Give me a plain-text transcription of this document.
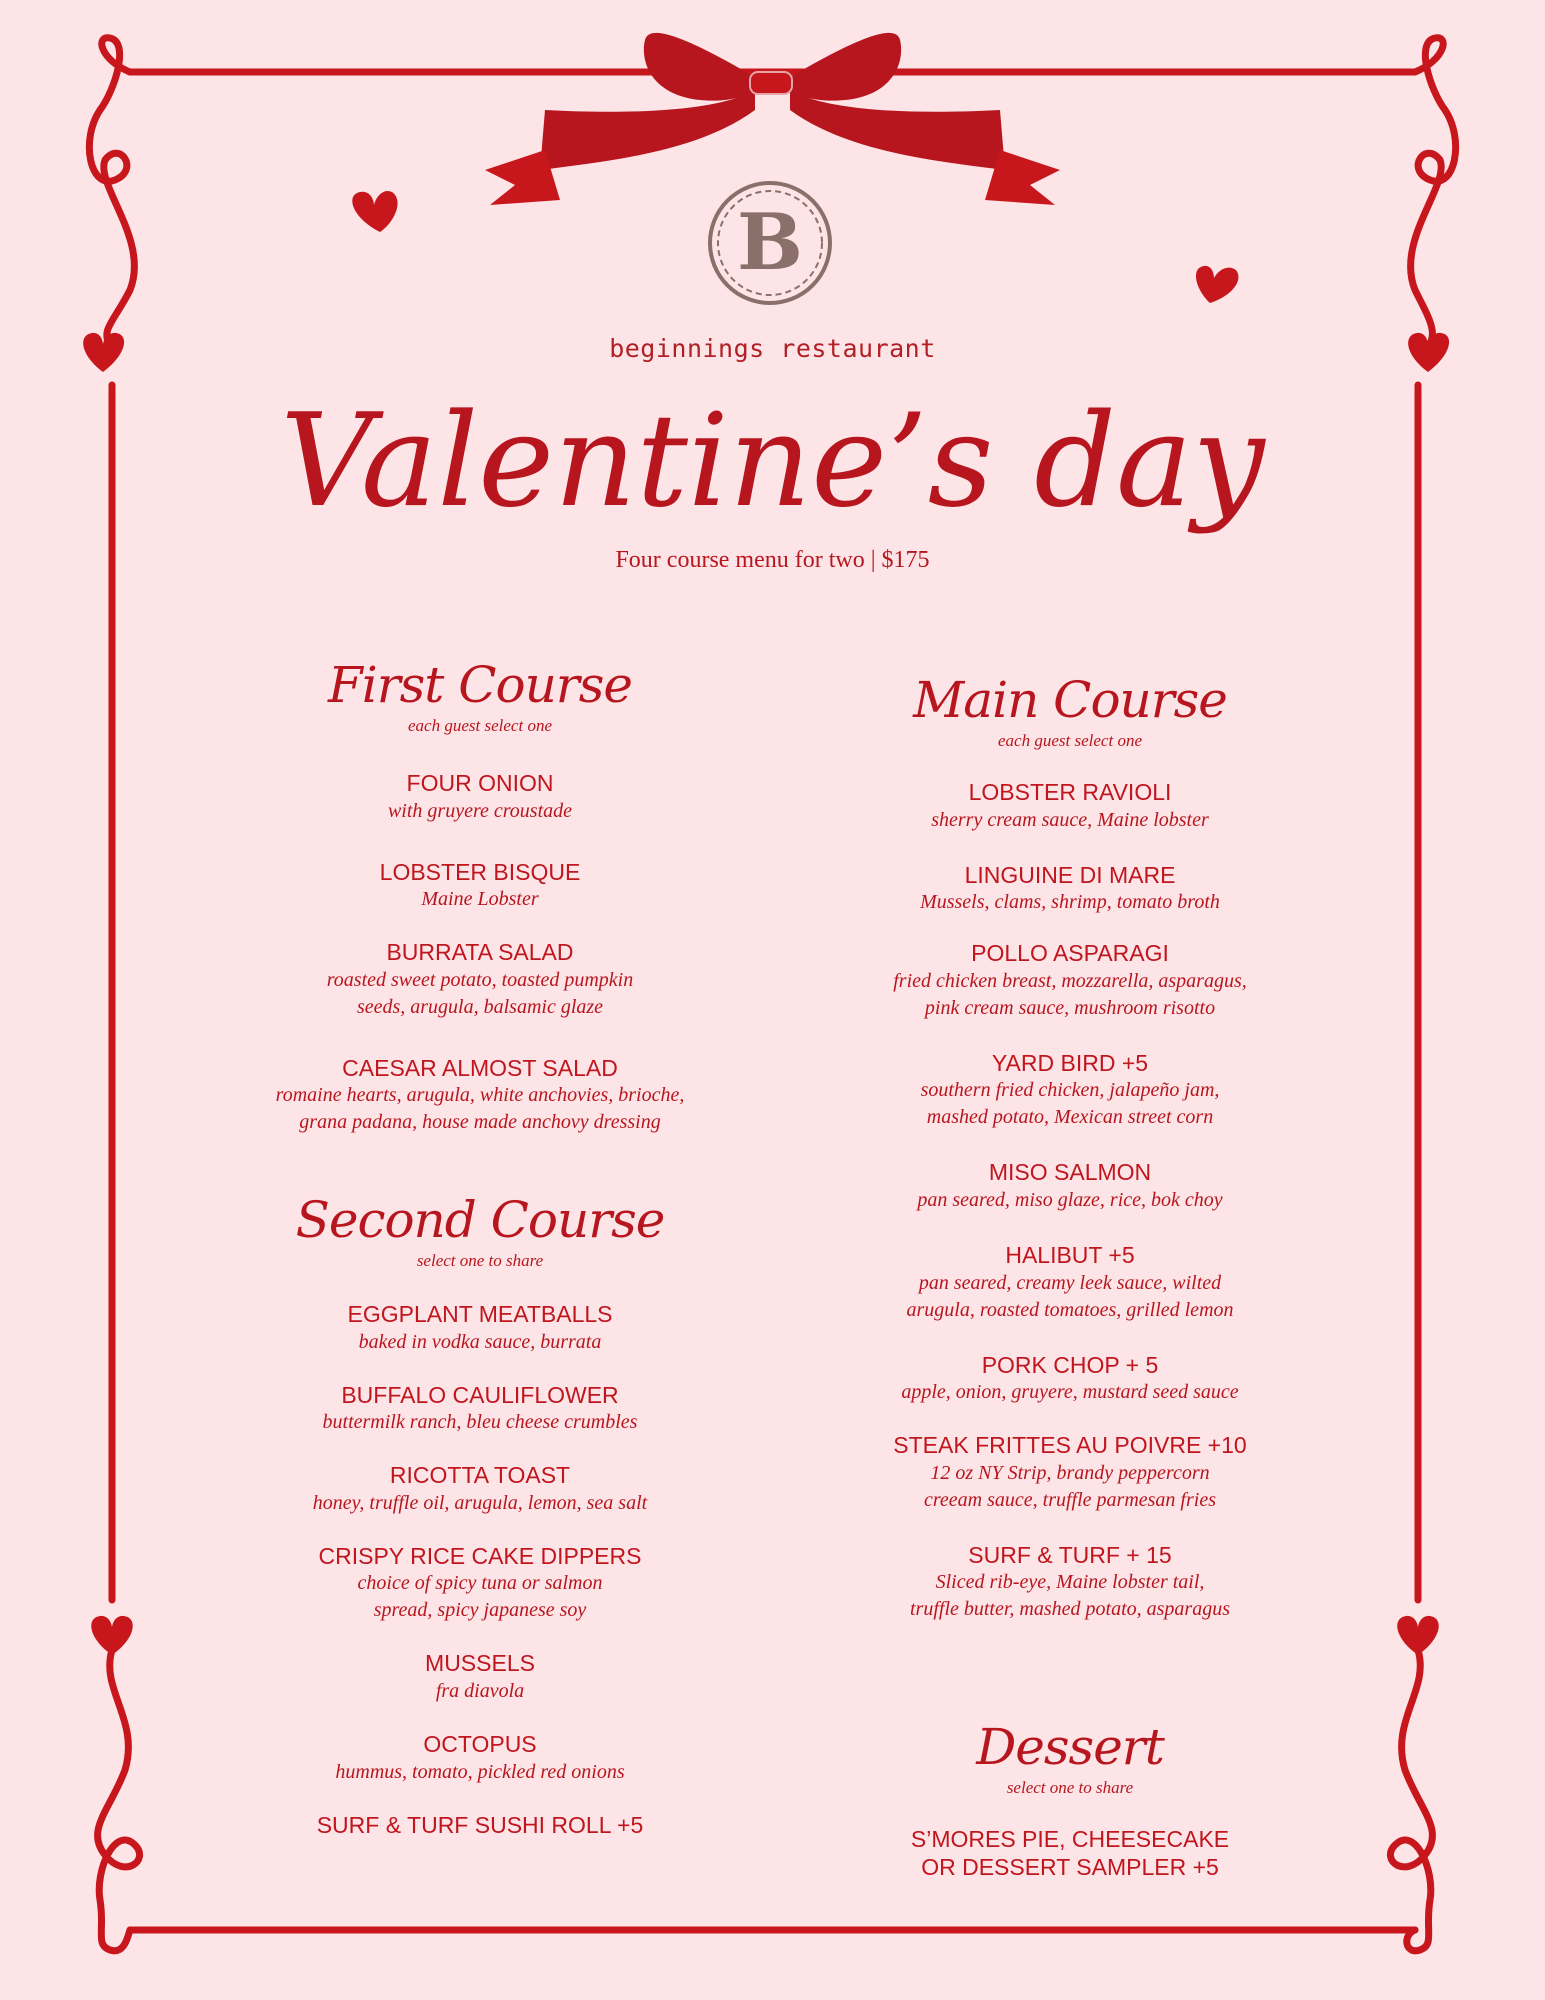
B
beginnings restaurant
Valentine’s day
Four course menu for two | $175
First Course
each guest select one
FOUR ONION
with gruyere croustade
LOBSTER BISQUE
Maine Lobster
BURRATA SALAD
roasted sweet potato, toasted pumpkin
seeds, arugula, balsamic glaze
CAESAR ALMOST SALAD
romaine hearts, arugula, white anchovies, brioche,
grana padana, house made anchovy dressing
Second Course
select one to share
EGGPLANT MEATBALLS
baked in vodka sauce, burrata
BUFFALO CAULIFLOWER
buttermilk ranch, bleu cheese crumbles
RICOTTA TOAST
honey, truffle oil, arugula, lemon, sea salt
CRISPY RICE CAKE DIPPERS
choice of spicy tuna or salmon
spread, spicy japanese soy
MUSSELS
fra diavola
OCTOPUS
hummus, tomato, pickled red onions
SURF & TURF SUSHI ROLL +5
Main Course
each guest select one
LOBSTER RAVIOLI
sherry cream sauce, Maine lobster
LINGUINE DI MARE
Mussels, clams, shrimp, tomato broth
POLLO ASPARAGI
fried chicken breast, mozzarella, asparagus,
pink cream sauce, mushroom risotto
YARD BIRD +5
southern fried chicken, jalapeño jam,
mashed potato, Mexican street corn
MISO SALMON
pan seared, miso glaze, rice, bok choy
HALIBUT +5
pan seared, creamy leek sauce, wilted
arugula, roasted tomatoes, grilled lemon
PORK CHOP + 5
apple, onion, gruyere, mustard seed sauce
STEAK FRITTES AU POIVRE +10
12 oz NY Strip, brandy peppercorn
creeam sauce, truffle parmesan fries
SURF & TURF + 15
Sliced rib-eye, Maine lobster tail,
truffle butter, mashed potato, asparagus
Dessert
select one to share
S’MORES PIE, CHEESECAKE
OR DESSERT SAMPLER +5
